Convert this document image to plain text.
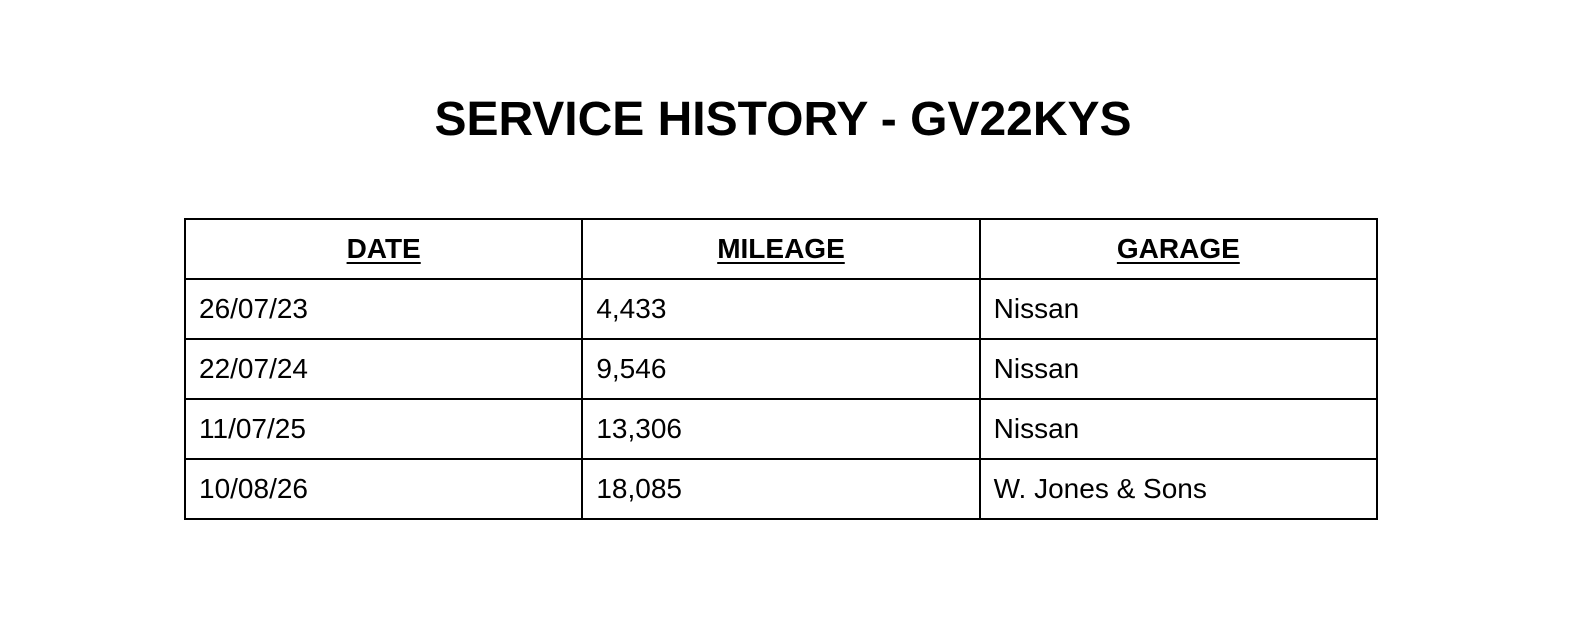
SERVICE HISTORY - GV22KYS
DATE	MILEAGE	GARAGE
26/07/23	4,433	Nissan
22/07/24	9,546	Nissan
11/07/25	13,306	Nissan
10/08/26	18,085	W. Jones & Sons
